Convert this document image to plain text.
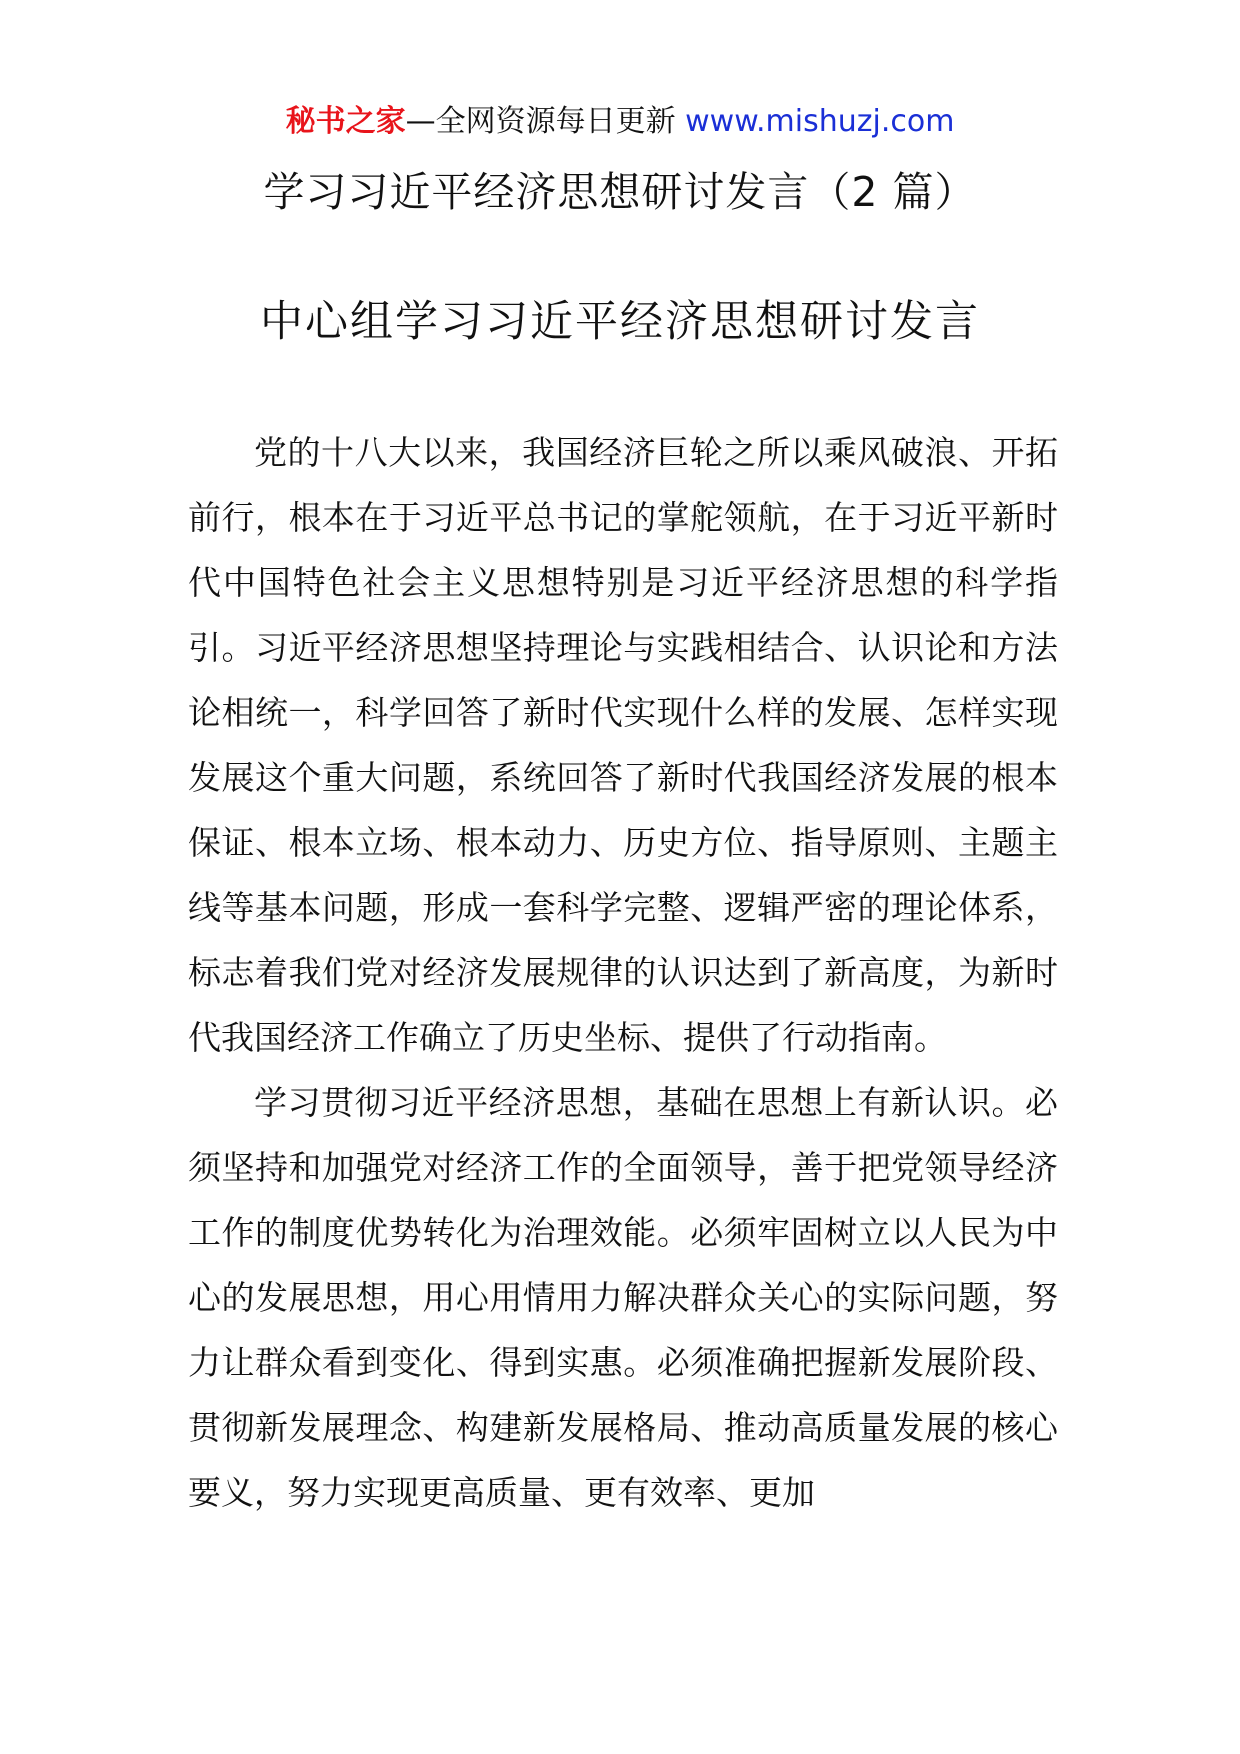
秘书之家—全网资源每日更新 www.mishuzj.com
学习习近平经济思想研讨发言（2 篇）
中心组学习习近平经济思想研讨发言

党的十八大以来，我国经济巨轮之所以乘风破浪、开拓前行，根本在于习近平总书记的掌舵领航，在于习近平新时代中国特色社会主义思想特别是习近平经济思想的科学指引。习近平经济思想坚持理论与实践相结合、认识论和方法论相统一，科学回答了新时代实现什么样的发展、怎样实现发展这个重大问题，系统回答了新时代我国经济发展的根本保证、根本立场、根本动力、历史方位、指导原则、主题主线等基本问题，形成一套科学完整、逻辑严密的理论体系，标志着我们党对经济发展规律的认识达到了新高度，为新时代我国经济工作确立了历史坐标、提供了行动指南。

学习贯彻习近平经济思想，基础在思想上有新认识。必须坚持和加强党对经济工作的全面领导，善于把党领导经济工作的制度优势转化为治理效能。必须牢固树立以人民为中心的发展思想，用心用情用力解决群众关心的实际问题，努力让群众看到变化、得到实惠。必须准确把握新发展阶段、贯彻新发展理念、构建新发展格局、推动高质量发展的核心要义，努力实现更高质量、更有效率、更加
